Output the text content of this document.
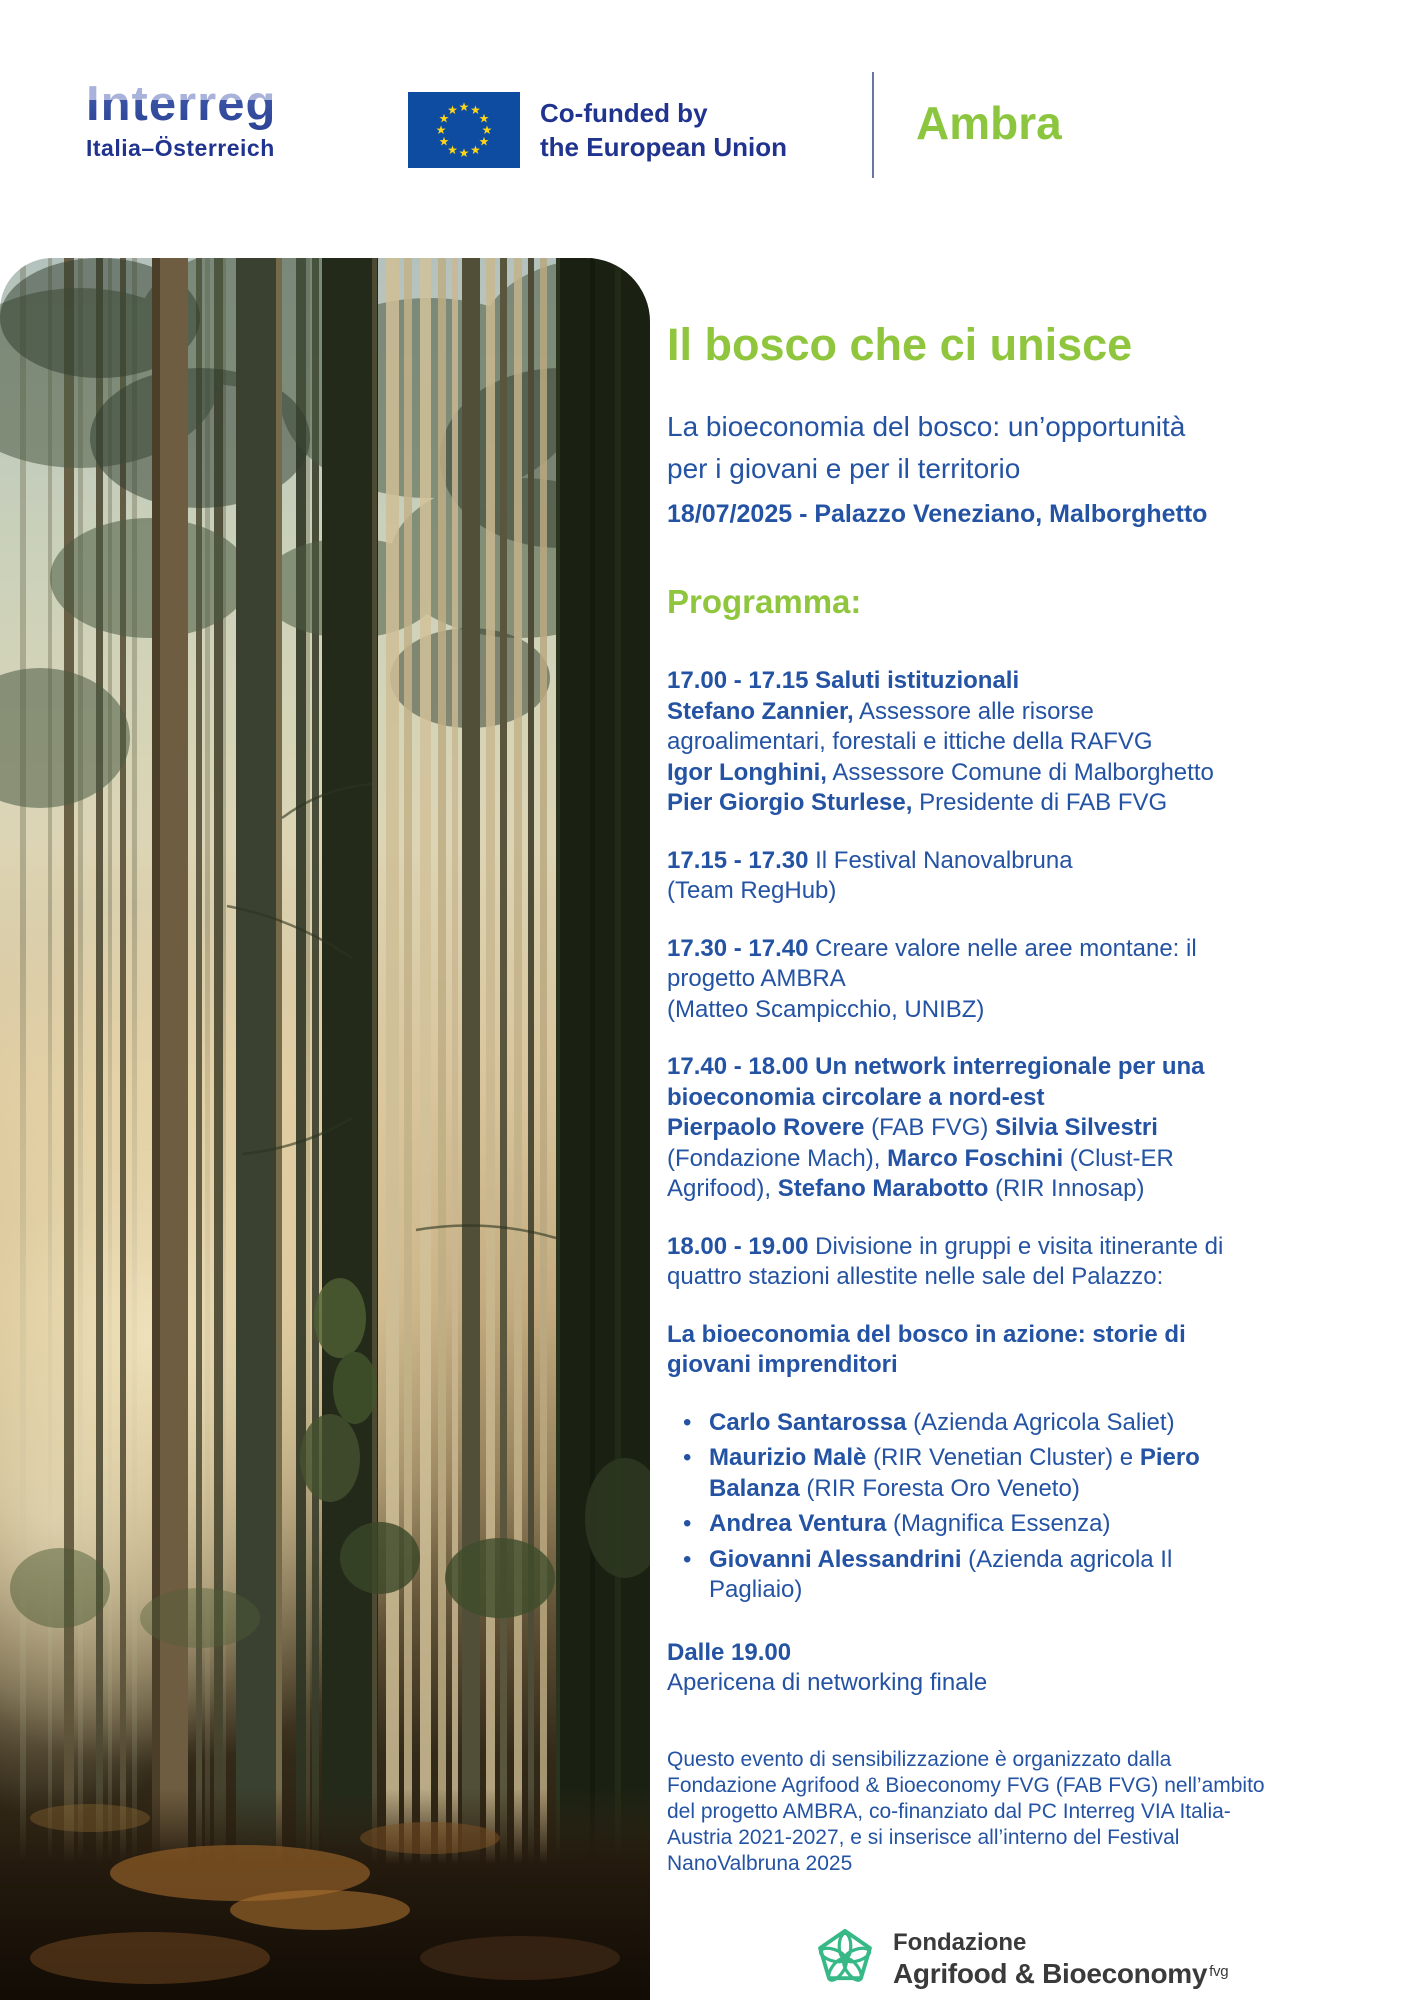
Interreg
Italia–Österreich
★ ★
★
★
★
★
★
★
★
★
★
★	Co-funded by
the European Union	Ambra
Il bosco che ci unisce
La bioeconomia del bosco: un’opportunità
per i giovani e per il territorio
18/07/2025 - Palazzo Veneziano, Malborghetto
Programma:
17.00 - 17.15 Saluti istituzionali
Stefano Zannier, Assessore alle risorse
agroalimentari, forestali e ittiche della RAFVG
Igor Longhini, Assessore Comune di Malborghetto
Pier Giorgio Sturlese, Presidente di FAB FVG
17.15 - 17.30 Il Festival Nanovalbruna
(Team RegHub)
17.30 - 17.40 Creare valore nelle aree montane: il
progetto AMBRA
(Matteo Scampicchio, UNIBZ)
17.40 - 18.00 Un network interregionale per una
bioeconomia circolare a nord-est
Pierpaolo Rovere (FAB FVG) Silvia Silvestri
(Fondazione Mach), Marco Foschini (Clust-ER
Agrifood), Stefano Marabotto (RIR Innosap)
18.00 - 19.00 Divisione in gruppi e visita itinerante di
quattro stazioni allestite nelle sale del Palazzo:
La bioeconomia del bosco in azione: storie di
giovani imprenditori
• Carlo Santarossa (Azienda Agricola Saliet)
• Maurizio Malè (RIR Venetian Cluster) e Piero
Balanza (RIR Foresta Oro Veneto)
• Andrea Ventura (Magnifica Essenza)
• Giovanni Alessandrini (Azienda agricola Il
Pagliaio)
Dalle 19.00
Apericena di networking finale
Questo evento di sensibilizzazione è organizzato dalla
Fondazione Agrifood & Bioeconomy FVG (FAB FVG) nell’ambito
del progetto AMBRA, co-finanziato dal PC Interreg VIA Italia-
Austria 2021-2027, e si inserisce all’interno del Festival
NanoValbruna 2025
Fondazione
Agrifood & Bioeconomy $^{fvg}$
